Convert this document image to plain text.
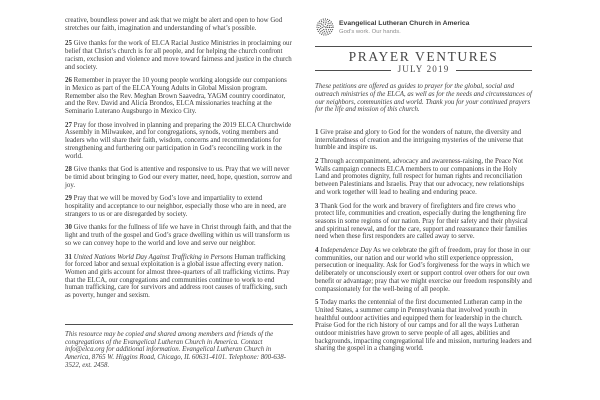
creative, boundless power and ask that we might be alert and open to how God stretches our faith, imagination and understanding of what’s possible.

25 Give thanks for the work of ELCA Racial Justice Ministries in proclaiming our belief that Christ’s church is for all people, and for helping the church confront racism, exclusion and violence and move toward fairness and justice in the church and society.

26 Remember in prayer the 10 young people working alongside our companions in Mexico as part of the ELCA Young Adults in Global Mission program. Remember also the Rev. Meghan Brown Saavedra, YAGM country coordinator, and the Rev. David and Alicia Brondos, ELCA missionaries teaching at the Seminario Luterano Augsburgo in Mexico City.

27 Pray for those involved in planning and preparing the 2019 ELCA Churchwide Assembly in Milwaukee, and for congregations, synods, voting members and leaders who will share their faith, wisdom, concerns and recommendations for strengthening and furthering our participation in God’s reconciling work in the world.

28 Give thanks that God is attentive and responsive to us. Pray that we will never be timid about bringing to God our every matter, need, hope, question, sorrow and joy.

29 Pray that we will be moved by God’s love and impartiality to extend hospitality and acceptance to our neighbor, especially those who are in need, are strangers to us or are disregarded by society.

30 Give thanks for the fullness of life we have in Christ through faith, and that the light and truth of the gospel and God’s grace dwelling within us will transform us so we can convey hope to the world and love and serve our neighbor.

31 United Nations World Day Against Trafficking in Persons Human trafficking for forced labor and sexual exploitation is a global issue affecting every nation. Women and girls account for almost three-quarters of all trafficking victims. Pray that the ELCA, our congregations and communities continue to work to end human trafficking, care for survivors and address root causes of trafficking, such as poverty, hunger and sexism.

This resource may be copied and shared among members and friends of the congregations of the Evangelical Lutheran Church in America. Contact info@elca.org for additional information. Evangelical Lutheran Church in America, 8765 W. Higgins Road, Chicago, IL 60631-4101. Telephone: 800-638-3522, ext. 2458.

Evangelical Lutheran Church in America
God’s work. Our hands.
PRAYER VENTURES
JULY 2019

These petitions are offered as guides to prayer for the global, social and outreach ministries of the ELCA, as well as for the needs and circumstances of our neighbors, communities and world. Thank you for your continued prayers for the life and mission of this church.

1 Give praise and glory to God for the wonders of nature, the diversity and interrelatedness of creation and the intriguing mysteries of the universe that humble and inspire us.

2 Through accompaniment, advocacy and awareness-raising, the Peace Not Walls campaign connects ELCA members to our companions in the Holy Land and promotes dignity, full respect for human rights and reconciliation between Palestinians and Israelis. Pray that our advocacy, new relationships and work together will lead to healing and enduring peace.

3 Thank God for the work and bravery of firefighters and fire crews who protect life, communities and creation, especially during the lengthening fire seasons in some regions of our nation. Pray for their safety and their physical and spiritual renewal, and for the care, support and reassurance their families need when these first responders are called away to serve.

4 Independence Day As we celebrate the gift of freedom, pray for those in our communities, our nation and our world who still experience oppression, persecution or inequality. Ask for God’s forgiveness for the ways in which we deliberately or unconsciously exert or support control over others for our own benefit or advantage; pray that we might exercise our freedom responsibly and compassionately for the well-being of all people.

5 Today marks the centennial of the first documented Lutheran camp in the United States, a summer camp in Pennsylvania that involved youth in healthful outdoor activities and equipped them for leadership in the church. Praise God for the rich history of our camps and for all the ways Lutheran outdoor ministries have grown to serve people of all ages, abilities and backgrounds, impacting congregational life and mission, nurturing leaders and sharing the gospel in a changing world.
